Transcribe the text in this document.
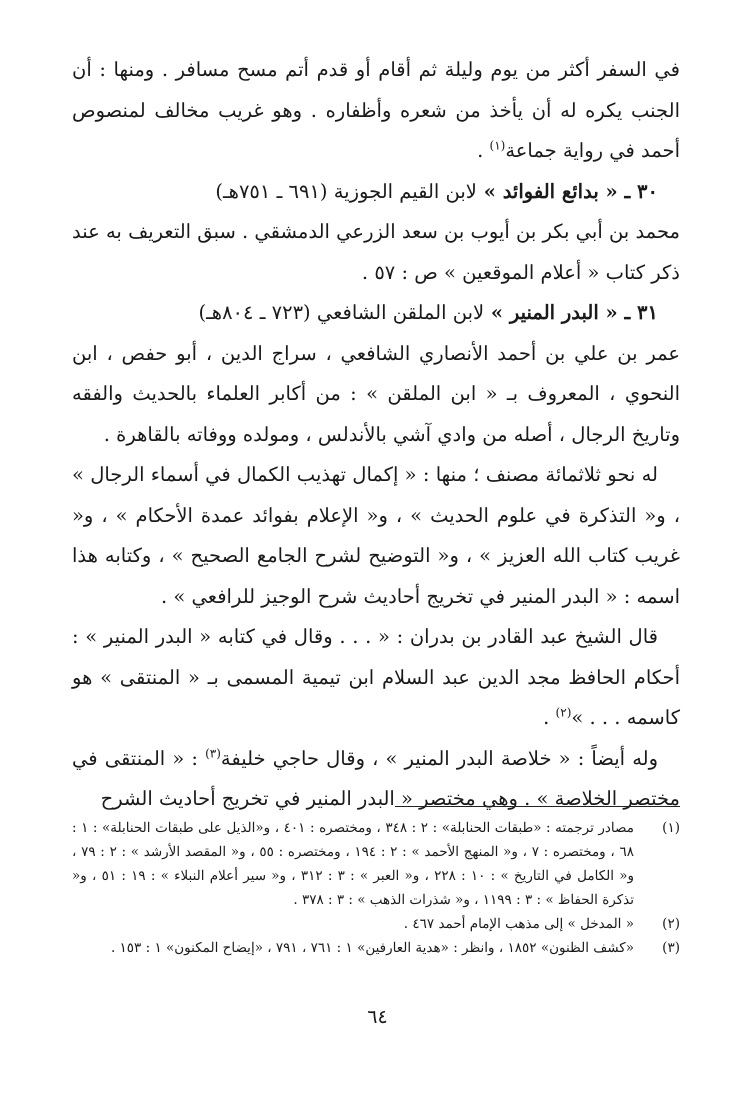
في السفر أكثر من يوم وليلة ثم أقام أو قدم أتم مسح مسافر . ومنها : أن الجنب يكره له أن يأخذ من شعره وأظفاره . وهو غريب مخالف لمنصوص أحمد في رواية جماعة$^{(١)}$ .

٣٠ ـ « بدائع الفوائد » لابن القيم الجوزية (٦٩١ ـ ٧٥١هـ)

محمد بن أبي بكر بن أيوب بن سعد الزرعي الدمشقي . سبق التعريف به عند ذكر كتاب « أعلام الموقعين » ص : ٥٧ .

٣١ ـ « البدر المنير » لابن الملقن الشافعي (٧٢٣ ـ ٨٠٤هـ)

عمر بن علي بن أحمد الأنصاري الشافعي ، سراج الدين ، أبو حفص ، ابن النحوي ، المعروف بـ « ابن الملقن » : من أكابر العلماء بالحديث والفقه وتاريخ الرجال ، أصله من وادي آشي بالأندلس ، ومولده ووفاته بالقاهرة .

له نحو ثلاثمائة مصنف ؛ منها : « إكمال تهذيب الكمال في أسماء الرجال » ، و« التذكرة في علوم الحديث » ، و« الإعلام بفوائد عمدة الأحكام » ، و« غريب كتاب الله العزيز » ، و« التوضيح لشرح الجامع الصحيح » ، وكتابه هذا اسمه : « البدر المنير في تخريج أحاديث شرح الوجيز للرافعي » .

قال الشيخ عبد القادر بن بدران : « . . . وقال في كتابه « البدر المنير » : أحكام الحافظ مجد الدين عبد السلام ابن تيمية المسمى بـ « المنتقى » هو كاسمه . . . »$^{(٢)}$ .

وله أيضاً : « خلاصة البدر المنير » ، وقال حاجي خليفة$^{(٣)}$ : « المنتقى في مختصر الخلاصة » . وهي مختصر « البدر المنير في تخريج أحاديث الشرح

(١)
مصادر ترجمته : «طبقات الحنابلة» : ٢ : ٣٤٨ ، ومختصره : ٤٠١ ، و«الذيل على طبقات الحنابلة» : ١ : ٦٨ ، ومختصره : ٧ ، و« المنهج الأحمد » : ٢ : ١٩٤ ، ومختصره : ٥٥ ، و« المقصد الأرشد » : ٢ : ٧٩ ، و« الكامل في التاريخ » : ١٠ : ٢٢٨ ، و« العبر » : ٣ : ٣١٢ ، و« سير أعلام النبلاء » : ١٩ : ٥١ ، و« تذكرة الحفاظ » : ٣ : ١١٩٩ ، و« شذرات الذهب » : ٣ : ٣٧٨ .

(٢)
« المدخل » إلى مذهب الإمام أحمد ٤٦٧ .

(٣)
«كشف الظنون» ١٨٥٢ ، وانظر : «هدية العارفين» ١ : ٧٦١ ، ٧٩١ ، «إيضاح المكنون» ١ : ١٥٣ .

٦٤
